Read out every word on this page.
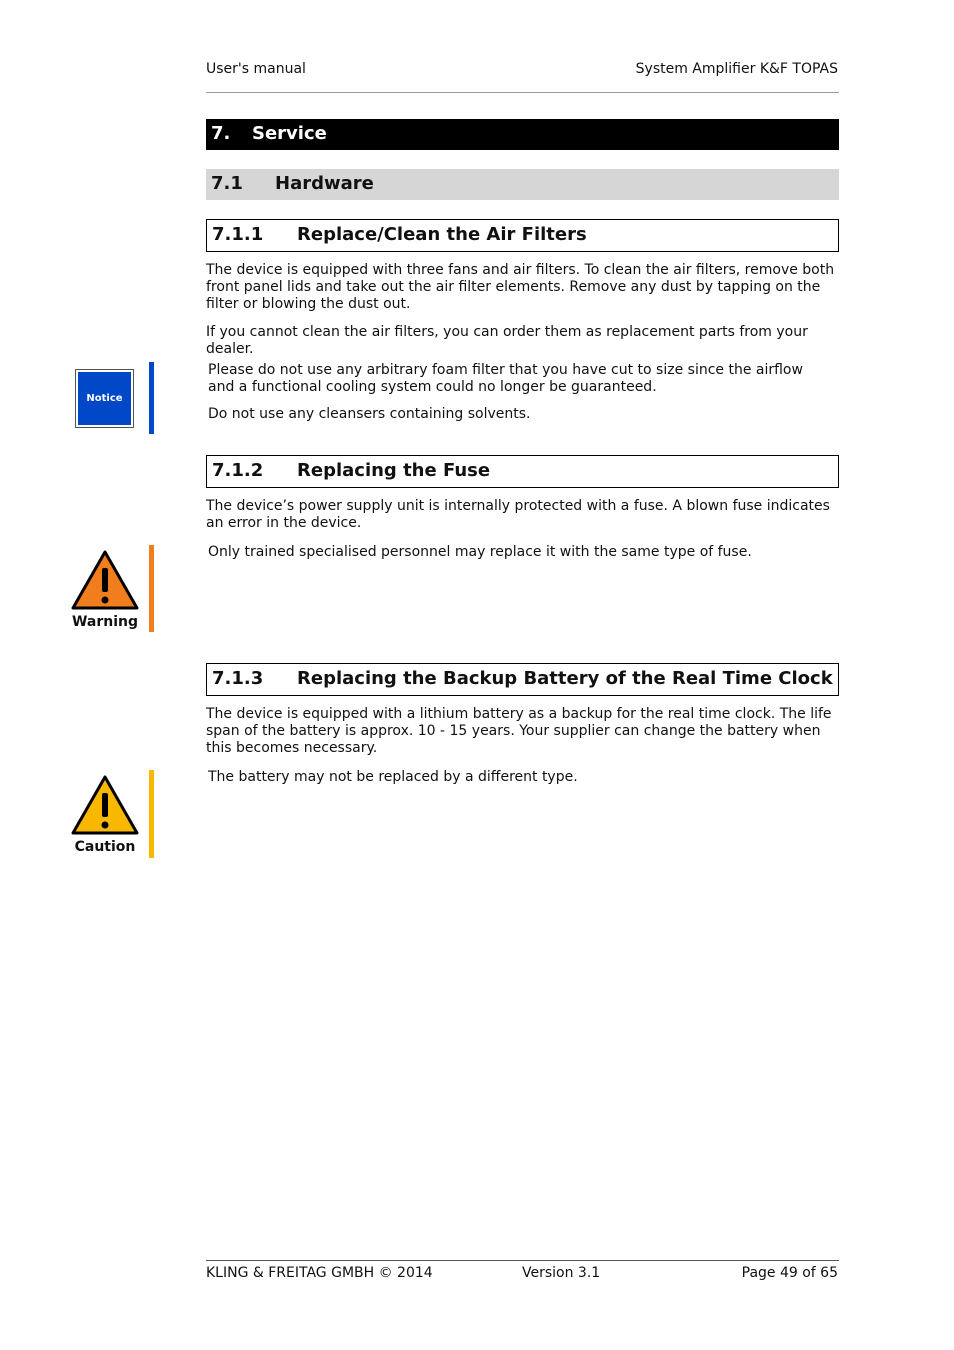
User's manual	System Amplifier K&F TOPAS
7. Service
7.1 Hardware
7.1.1 Replace/Clean the Air Filters

The device is equipped with three fans and air filters. To clean the air filters, remove both front panel lids and take out the air filter elements. Remove any dust by tapping on the filter or blowing the dust out.

If you cannot clean the air filters, you can order them as replacement parts from your dealer.

Notice

Please do not use any arbitrary foam filter that you have cut to size since the airflow and a functional cooling system could no longer be guaranteed.

Do not use any cleansers containing solvents.

7.1.2 Replacing the Fuse

The device’s power supply unit is internally protected with a fuse. A blown fuse indicates an error in the device.

Warning

Only trained specialised personnel may replace it with the same type of fuse.

7.1.3 Replacing the Backup Battery of the Real Time Clock

The device is equipped with a lithium battery as a backup for the real time clock. The life span of the battery is approx. 10 - 15 years. Your supplier can change the battery when this becomes necessary.

Caution

The battery may not be replaced by a different type.

KLING & FREITAG GMBH © 2014	Version 3.1	Page 49 of 65
